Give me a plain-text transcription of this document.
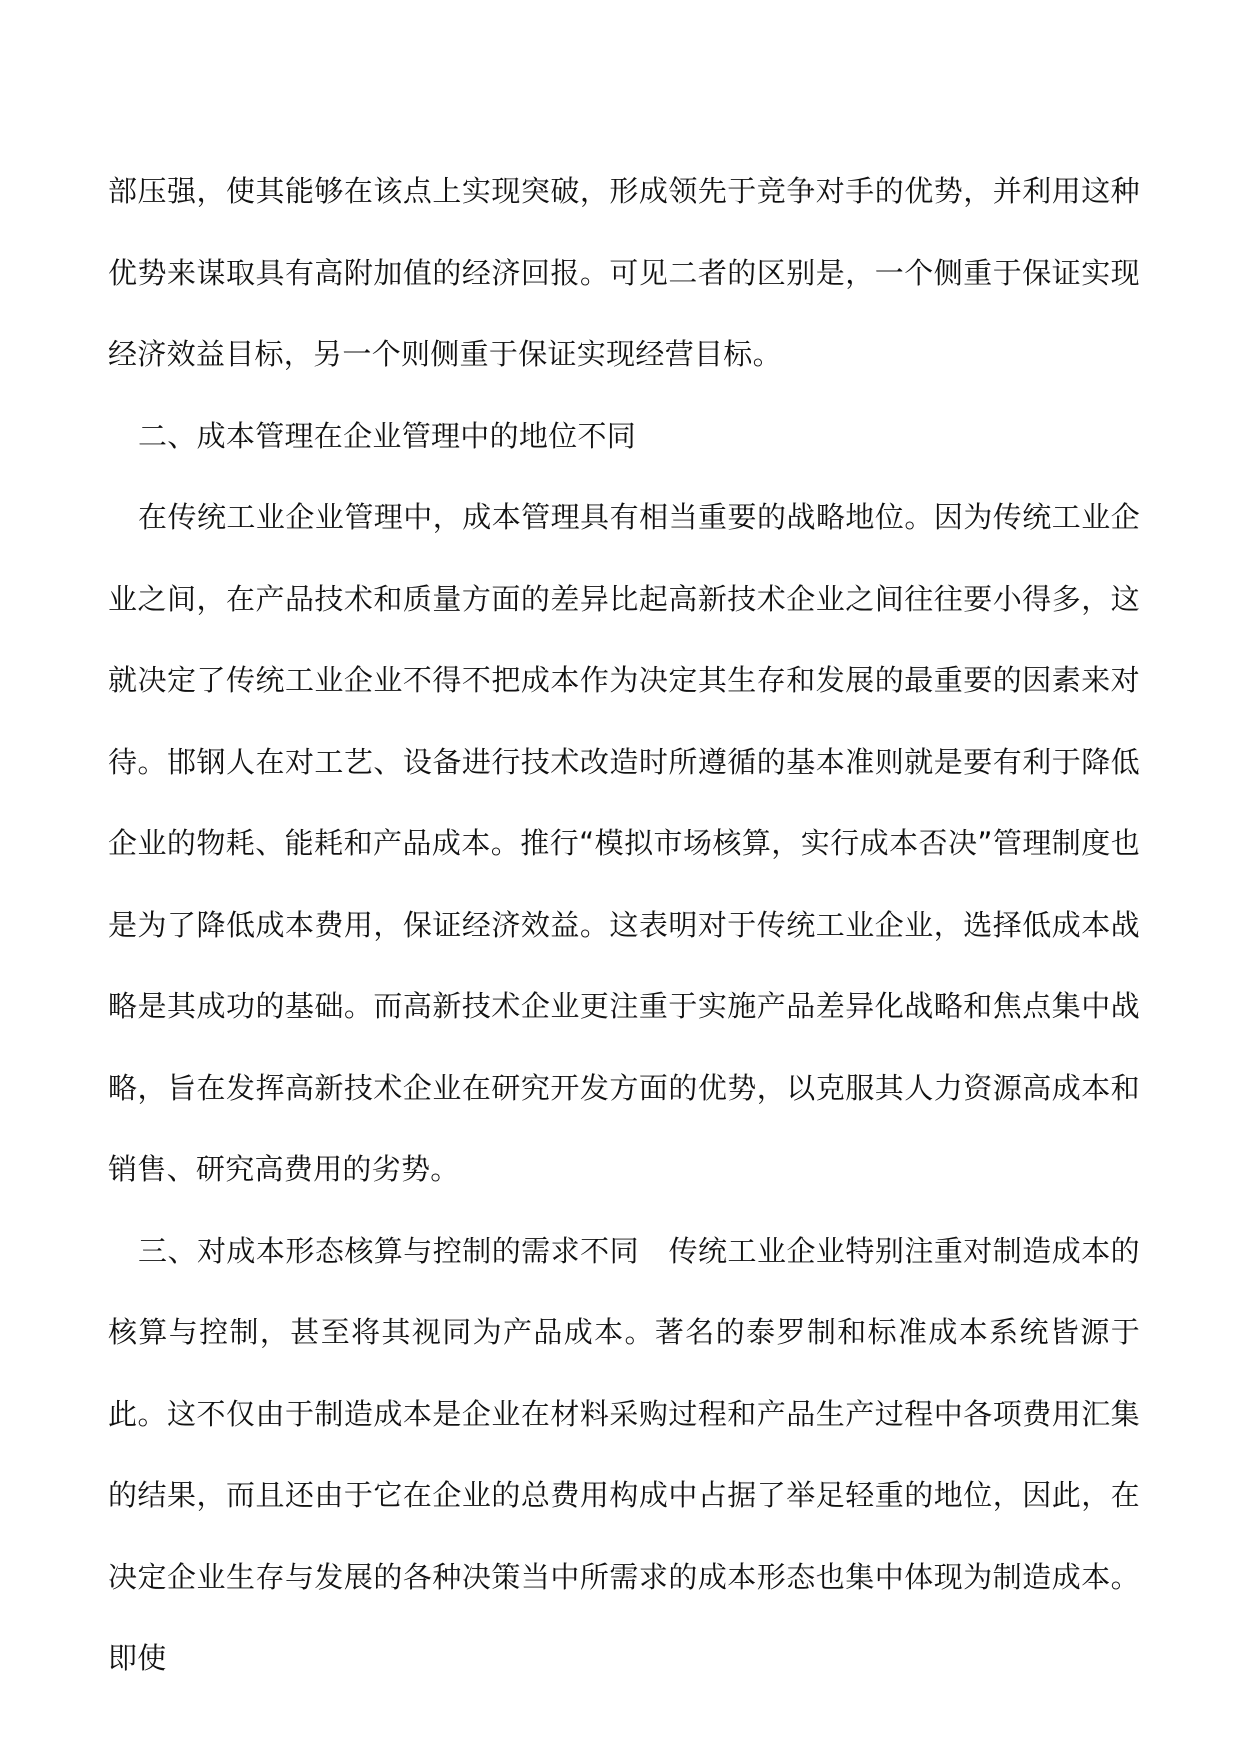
部压强，使其能够在该点上实现突破，形成领先于竞争对手的优势，并利用这种优势来谋取具有高附加值的经济回报。可见二者的区别是，一个侧重于保证实现经济效益目标，另一个则侧重于保证实现经营目标。

二、成本管理在企业管理中的地位不同

在传统工业企业管理中，成本管理具有相当重要的战略地位。因为传统工业企业之间，在产品技术和质量方面的差异比起高新技术企业之间往往要小得多，这就决定了传统工业企业不得不把成本作为决定其生存和发展的最重要的因素来对待。邯钢人在对工艺、设备进行技术改造时所遵循的基本准则就是要有利于降低企业的物耗、能耗和产品成本。推行“模拟市场核算，实行成本否决”管理制度也是为了降低成本费用，保证经济效益。这表明对于传统工业企业，选择低成本战略是其成功的基础。而高新技术企业更注重于实施产品差异化战略和焦点集中战略，旨在发挥高新技术企业在研究开发方面的优势，以克服其人力资源高成本和销售、研究高费用的劣势。

三、对成本形态核算与控制的需求不同　 传统工业企业特别注重对制造成本的核算与控制，甚至将其视同为产品成本。著名的泰罗制和标准成本系统皆源于此。这不仅由于制造成本是企业在材料采购过程和产品生产过程中各项费用汇集的结果，而且还由于它在企业的总费用构成中占据了举足轻重的地位，因此，在决定企业生存与发展的各种决策当中所需求的成本形态也集中体现为制造成本。即使
